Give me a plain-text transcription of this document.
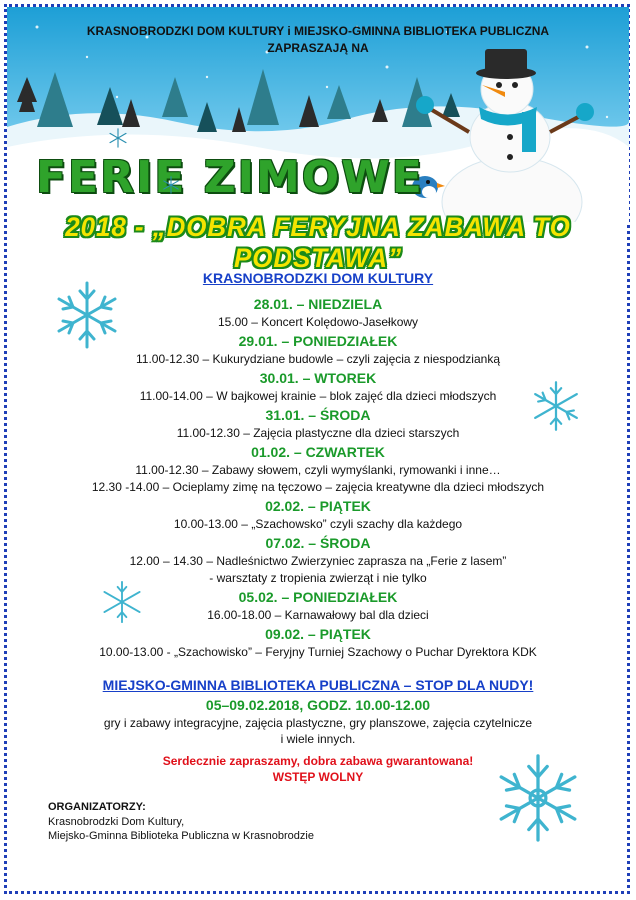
KRASNOBRODZKI DOM KULTURY i MIEJSKO-GMINNA BIBLIOTEKA PUBLICZNA
ZAPRASZAJĄ NA
FERIE ZIMOWE
2018 - „DOBRA FERYJNA ZABAWA TO PODSTAWA”
KRASNOBRODZKI DOM KULTURY
28.01. – NIEDZIELA
15.00 – Koncert Kolędowo-Jasełkowy
29.01. – PONIEDZIAŁEK
11.00-12.30 – Kukurydziane budowle – czyli zajęcia z niespodzianką
30.01. – WTOREK
11.00-14.00 – W bajkowej krainie – blok zajęć dla dzieci młodszych
31.01. – ŚRODA
11.00-12.30 – Zajęcia plastyczne dla dzieci starszych
01.02. – CZWARTEK
11.00-12.30 – Zabawy słowem, czyli wymyślanki, rymowanki i inne…
12.30 -14.00 – Ocieplamy zimę na tęczowo – zajęcia kreatywne dla dzieci młodszych
02.02. – PIĄTEK
10.00-13.00 – „Szachowsko” czyli szachy dla każdego
07.02. – ŚRODA
12.00 – 14.30 – Nadleśnictwo Zwierzyniec zaprasza na „Ferie z lasem”
- warsztaty z tropienia zwierząt i nie tylko
05.02. – PONIEDZIAŁEK
16.00-18.00 – Karnawałowy bal dla dzieci
09.02. – PIĄTEK
10.00-13.00 - „Szachowisko” – Feryjny Turniej Szachowy o Puchar Dyrektora KDK
MIEJSKO-GMINNA BIBLIOTEKA PUBLICZNA – STOP DLA NUDY!
05–09.02.2018, GODZ. 10.00-12.00
gry i zabawy integracyjne, zajęcia plastyczne, gry planszowe, zajęcia czytelnicze
i wiele innych.
Serdecznie zapraszamy, dobra zabawa gwarantowana!
WSTĘP WOLNY
ORGANIZATORZY:
Krasnobrodzki Dom Kultury,
Miejsko-Gminna Biblioteka Publiczna w Krasnobrodzie
